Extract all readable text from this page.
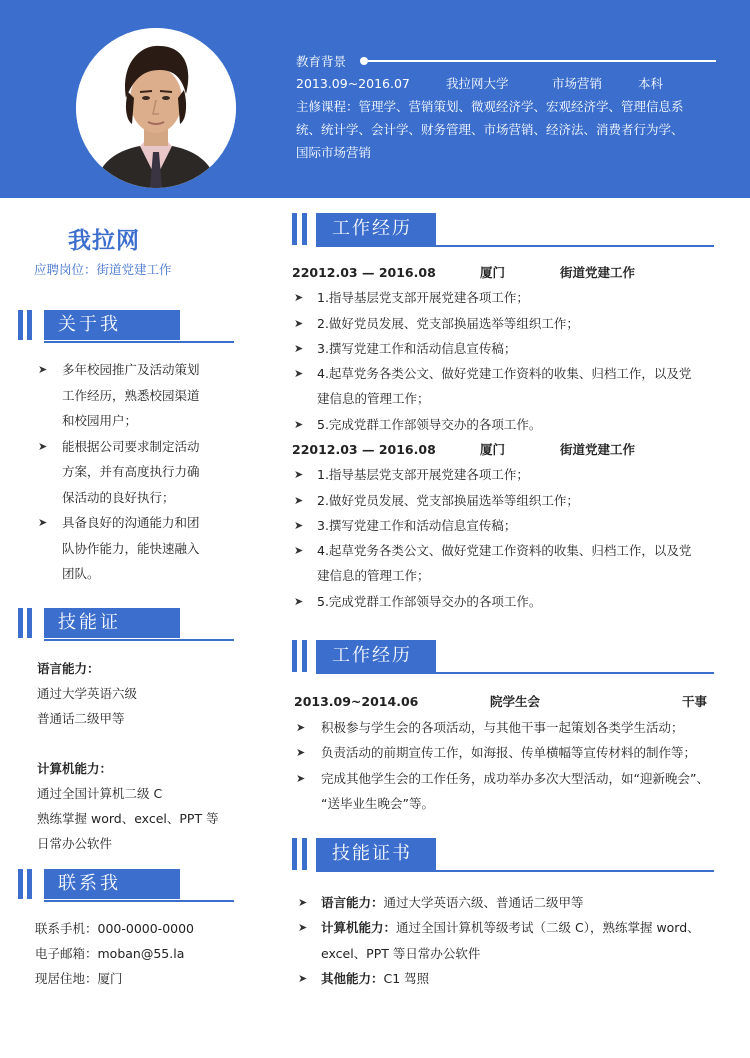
教育背景
2013.09~2016.07	我拉网大学	市场营销	本科
主修课程：管理学、营销策划、微观经济学、宏观经济学、管理信息系
统、统计学、会计学、财务管理、市场营销、经济法、消费者行为学、
国际市场营销
我拉网
应聘岗位：街道党建工作
关于我
➤ 多年校园推广及活动策划
工作经历，熟悉校园渠道
和校园用户；
➤ 能根据公司要求制定活动
方案，并有高度执行力确
保活动的良好执行；
➤ 具备良好的沟通能力和团
队协作能力，能快速融入
团队。
技能证
语言能力：
通过大学英语六级
普通话二级甲等
计算机能力：
通过全国计算机二级 C
熟练掌握 word、excel、PPT 等
日常办公软件
联系我
联系手机：000-0000-0000
电子邮箱：moban@55.la
现居住地：厦门
工作经历
22012.03 — 2016.08	厦门	街道党建工作
➤ 1.指导基层党支部开展党建各项工作；
➤ 2.做好党员发展、党支部换届选举等组织工作；
➤ 3.撰写党建工作和活动信息宣传稿；
➤ 4.起草党务各类公文、做好党建工作资料的收集、归档工作，以及党
建信息的管理工作；
➤ 5.完成党群工作部领导交办的各项工作。
22012.03 — 2016.08	厦门	街道党建工作
➤ 1.指导基层党支部开展党建各项工作；
➤ 2.做好党员发展、党支部换届选举等组织工作；
➤ 3.撰写党建工作和活动信息宣传稿；
➤ 4.起草党务各类公文、做好党建工作资料的收集、归档工作，以及党
建信息的管理工作；
➤ 5.完成党群工作部领导交办的各项工作。
工作经历
2013.09~2014.06	院学生会	干事
➤ 积极参与学生会的各项活动，与其他干事一起策划各类学生活动；
➤ 负责活动的前期宣传工作，如海报、传单横幅等宣传材料的制作等；
➤ 完成其他学生会的工作任务，成功举办多次大型活动，如“迎新晚会”、
“送毕业生晚会”等。
技能证书
➤ 语言能力：通过大学英语六级、普通话二级甲等
➤ 计算机能力：通过全国计算机等级考试（二级 C），熟练掌握 word、
excel、PPT 等日常办公软件
➤ 其他能力：C1 驾照
